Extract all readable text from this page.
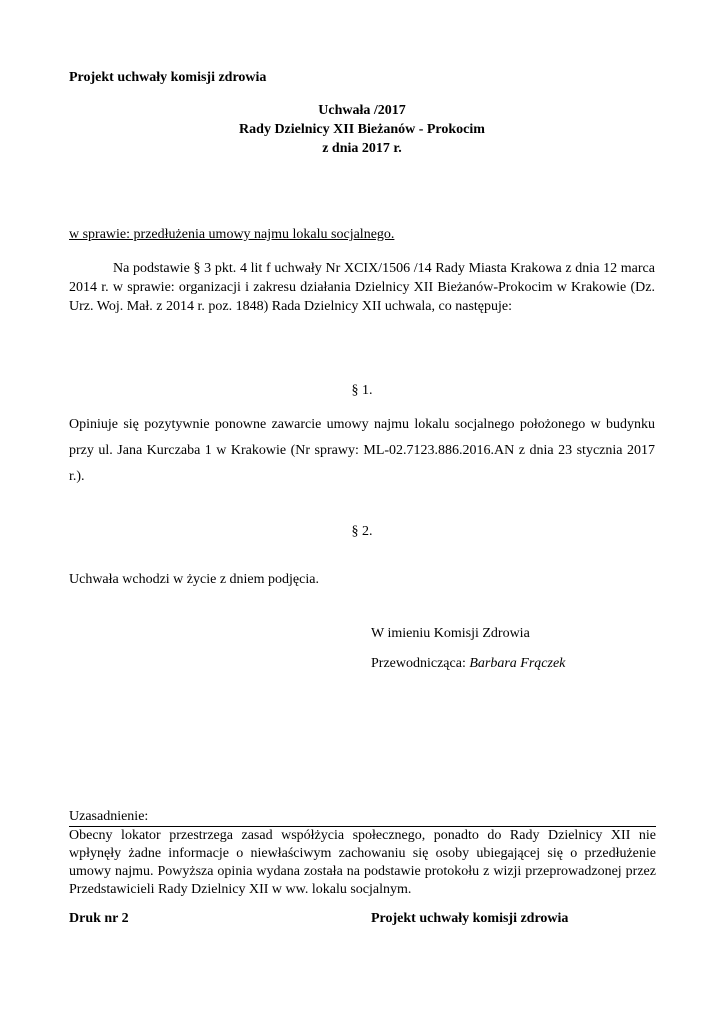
Projekt uchwały komisji zdrowia
Uchwała /2017
Rady Dzielnicy XII Bieżanów - Prokocim
z dnia 2017 r.
w sprawie: przedłużenia umowy najmu lokalu socjalnego.
Na podstawie § 3 pkt. 4 lit f uchwały Nr XCIX/1506 /14 Rady Miasta Krakowa z dnia 12 marca 2014 r. w sprawie: organizacji i zakresu działania Dzielnicy XII Bieżanów-Prokocim w Krakowie (Dz. Urz. Woj. Mał. z 2014 r. poz. 1848) Rada Dzielnicy XII uchwala, co następuje:
§ 1.
Opiniuje się pozytywnie ponowne zawarcie umowy najmu lokalu socjalnego położonego w budynku przy ul. Jana Kurczaba 1 w Krakowie (Nr sprawy: ML-02.7123.886.2016.AN z dnia 23 stycznia 2017 r.).
§ 2.
Uchwała wchodzi w życie z dniem podjęcia.
W imieniu Komisji Zdrowia
Przewodnicząca: Barbara Frączek
Uzasadnienie:
Obecny lokator przestrzega zasad współżycia społecznego, ponadto do Rady Dzielnicy XII nie wpłynęły żadne informacje o niewłaściwym zachowaniu się osoby ubiegającej się o przedłużenie umowy najmu. Powyższa opinia wydana została na podstawie protokołu z wizji przeprowadzonej przez Przedstawicieli Rady Dzielnicy XII w ww. lokalu socjalnym.
Druk nr 2	Projekt uchwały komisji zdrowia
